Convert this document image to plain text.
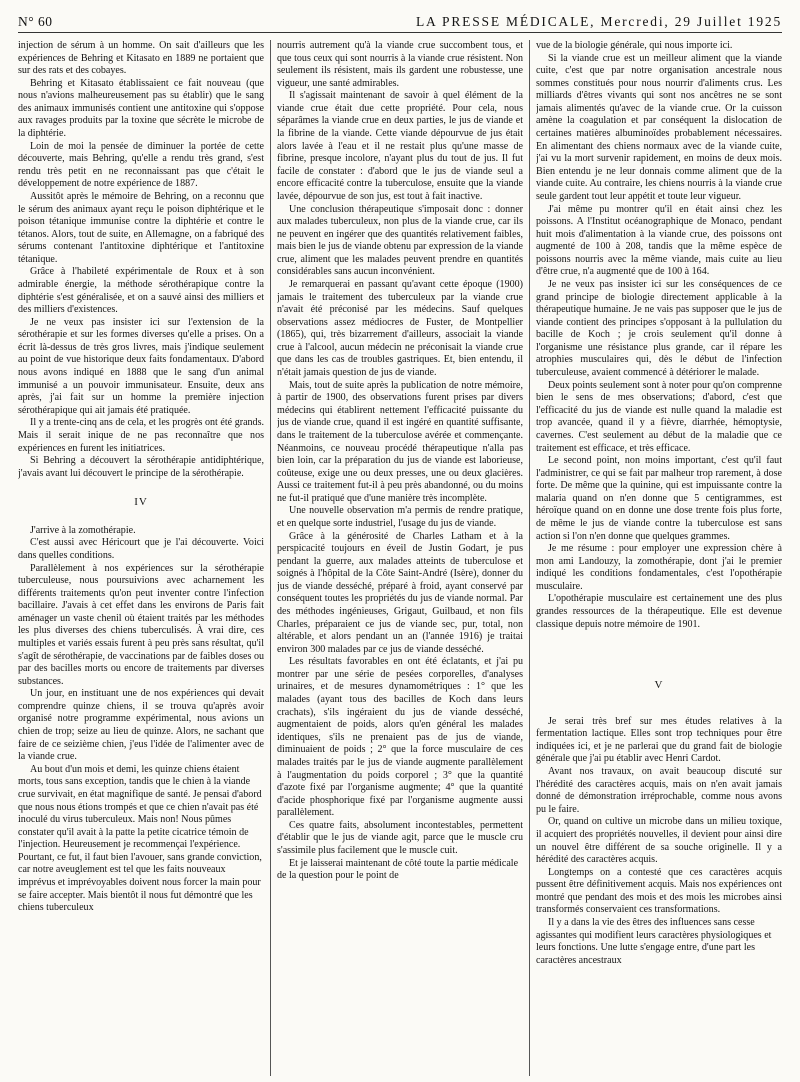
N° 60	LA PRESSE MÉDICALE, Mercredi, 29 Juillet 1925

injection de sérum à un homme. On sait d'ailleurs que les expériences de Behring et Kitasato en 1889 ne portaient que sur des rats et des cobayes.

Behring et Kitasato établissaient ce fait nouveau (que nous n'avions malheureusement pas su établir) que le sang des animaux immunisés contient une antitoxine qui s'oppose aux ravages produits par la toxine que sécrète le microbe de la diphtérie.

Loin de moi la pensée de diminuer la portée de cette découverte, mais Behring, qu'elle a rendu très grand, s'est rendu très petit en ne reconnaissant pas que c'était le développement de notre expérience de 1887.

Aussitôt après le mémoire de Behring, on a reconnu que le sérum des animaux ayant reçu le poison diphtérique et le poison tétanique immunise contre la diphtérie et contre le tétanos. Alors, tout de suite, en Allemagne, on a fabriqué des sérums contenant l'antitoxine diphtérique et l'antitoxine tétanique.

Grâce à l'habileté expérimentale de Roux et à son admirable énergie, la méthode sérothérapique contre la diphtérie s'est généralisée, et on a sauvé ainsi des milliers et des milliers d'existences.

Je ne veux pas insister ici sur l'extension de la sérothérapie et sur les formes diverses qu'elle a prises. On a écrit là-dessus de très gros livres, mais j'indique seulement au point de vue historique deux faits fondamentaux. D'abord nous avons indiqué en 1888 que le sang d'un animal immunisé a un pouvoir immunisateur. Ensuite, deux ans après, j'ai fait sur un homme la première injection sérothérapique qui ait jamais été pratiquée.

Il y a trente-cinq ans de cela, et les progrès ont été grands. Mais il serait inique de ne pas reconnaître que nos expériences en furent les initiatrices.

Si Behring a découvert la sérothérapie antidiphtérique, j'avais avant lui découvert le principe de la sérothérapie.

IV

J'arrive à la zomothérapie.

C'est aussi avec Héricourt que je l'ai découverte. Voici dans quelles conditions.

Parallèlement à nos expériences sur la sérothérapie tuberculeuse, nous poursuivions avec acharnement les différents traitements qu'on peut inventer contre l'infection bacillaire. J'avais à cet effet dans les environs de Paris fait aménager un vaste chenil où étaient traités par les méthodes les plus diverses des chiens tuberculisés. À vrai dire, ces multiples et variés essais furent à peu près sans résultat, qu'il s'agît de sérothérapie, de vaccinations par de faibles doses ou par des bacilles morts ou encore de traitements par diverses substances.

Un jour, en instituant une de nos expériences qui devait comprendre quinze chiens, il se trouva qu'après avoir organisé notre programme expérimental, nous avions un chien de trop; seize au lieu de quinze. Alors, ne sachant que faire de ce seizième chien, j'eus l'idée de l'alimenter avec de la viande crue.

Au bout d'un mois et demi, les quinze chiens étaient morts, tous sans exception, tandis que le chien à la viande crue survivait, en état magnifique de santé. Je pensai d'abord que nous nous étions trompés et que ce chien n'avait pas été inoculé du virus tuberculeux. Mais non! Nous pûmes constater qu'il avait à la patte la petite cicatrice témoin de l'injection. Heureusement je recommençai l'expérience. Pourtant, ce fut, il faut bien l'avouer, sans grande conviction, car notre aveuglement est tel que les faits nouveaux imprévus et imprévoyables doivent nous forcer la main pour se faire accepter. Mais bientôt il nous fut démontré que les chiens tuberculeux

nourris autrement qu'à la viande crue succombent tous, et que tous ceux qui sont nourris à la viande crue résistent. Non seulement ils résistent, mais ils gardent une robustesse, une vigueur, une santé admirables.

Il s'agissait maintenant de savoir à quel élément de la viande crue était due cette propriété. Pour cela, nous séparâmes la viande crue en deux parties, le jus de viande et la fibrine de la viande. Cette viande dépourvue de jus était alors lavée à l'eau et il ne restait plus qu'une masse de fibrine, presque incolore, n'ayant plus du tout de jus. Il fut facile de constater : d'abord que le jus de viande seul a encore efficacité contre la tuberculose, ensuite que la viande lavée, dépourvue de son jus, est tout à fait inactive.

Une conclusion thérapeutique s'imposait donc : donner aux malades tuberculeux, non plus de la viande crue, car ils ne peuvent en ingérer que des quantités relativement faibles, mais bien le jus de viande obtenu par expression de la viande crue, aliment que les malades peuvent prendre en quantités considérables sans aucun inconvénient.

Je remarquerai en passant qu'avant cette époque (1900) jamais le traitement des tuberculeux par la viande crue n'avait été préconisé par les médecins. Sauf quelques observations assez médiocres de Fuster, de Montpellier (1865), qui, très bizarrement d'ailleurs, associait la viande crue à l'alcool, aucun médecin ne préconisait la viande crue que dans les cas de troubles gastriques. Et, bien entendu, il n'était jamais question de jus de viande.

Mais, tout de suite après la publication de notre mémoire, à partir de 1900, des observations furent prises par divers médecins qui établirent nettement l'efficacité puissante du jus de viande crue, quand il est ingéré en quantité suffisante, dans le traitement de la tuberculose avérée et commençante. Néanmoins, ce nouveau procédé thérapeutique n'alla pas bien loin, car la préparation du jus de viande est laborieuse, coûteuse, exige une ou deux presses, une ou deux glacières. Aussi ce traitement fut-il à peu près abandonné, ou du moins ne fut-il pratiqué que d'une manière très incomplète.

Une nouvelle observation m'a permis de rendre pratique, et en quelque sorte industriel, l'usage du jus de viande.

Grâce à la générosité de Charles Latham et à la perspicacité toujours en éveil de Justin Godart, je pus pendant la guerre, aux malades atteints de tuberculose et soignés à l'hôpital de la Côte Saint-André (Isère), donner du jus de viande desséché, préparé à froid, ayant conservé par conséquent toutes les propriétés du jus de viande normal. Par des méthodes ingénieuses, Grigaut, Guilbaud, et non fils Charles, préparaient ce jus de viande sec, pur, total, non altérable, et alors pendant un an (l'année 1916) je traitai environ 300 malades par ce jus de viande desséché.

Les résultats favorables en ont été éclatants, et j'ai pu montrer par une série de pesées corporelles, d'analyses urinaires, et de mesures dynamométriques : 1° que les malades (ayant tous des bacilles de Koch dans leurs crachats), s'ils ingéraient du jus de viande desséché, augmentaient de poids, alors qu'en général les malades identiques, s'ils ne prenaient pas de jus de viande, diminuaient de poids ; 2° que la force musculaire de ces malades traités par le jus de viande augmente parallèlement à l'augmentation du poids corporel ; 3° que la quantité d'azote fixé par l'organisme augmente; 4° que la quantité d'acide phosphorique fixé par l'organisme augmente aussi parallèlement.

Ces quatre faits, absolument incontestables, permettent d'établir que le jus de viande agit, parce que le muscle cru s'assimile plus facilement que le muscle cuit.

Et je laisserai maintenant de côté toute la partie médicale de la question pour le point de

vue de la biologie générale, qui nous importe ici.

Si la viande crue est un meilleur aliment que la viande cuite, c'est que par notre organisation ancestrale nous sommes constitués pour nous nourrir d'aliments crus. Les milliards d'êtres vivants qui sont nos ancêtres ne se sont jamais alimentés qu'avec de la viande crue. Or la cuisson amène la coagulation et par conséquent la dislocation de certaines matières albuminoïdes probablement nécessaires. En alimentant des chiens normaux avec de la viande cuite, j'ai vu la mort survenir rapidement, en moins de deux mois. Bien entendu je ne leur donnais comme aliment que de la viande cuite. Au contraire, les chiens nourris à la viande crue seule gardent tout leur appétit et toute leur vigueur.

J'ai même pu montrer qu'il en était ainsi chez les poissons. A l'Institut océanographique de Monaco, pendant huit mois d'alimentation à la viande crue, des poissons ont augmenté de 100 à 208, tandis que la même espèce de poissons nourris avec la même viande, mais cuite au lieu d'être crue, n'a augmenté que de 100 à 164.

Je ne veux pas insister ici sur les conséquences de ce grand principe de biologie directement applicable à la thérapeutique humaine. Je ne vais pas supposer que le jus de viande contient des principes s'opposant à la pullulation du bacille de Koch ; je crois seulement qu'il donne à l'organisme une résistance plus grande, car il répare les atrophies musculaires qui, dès le début de l'infection tuberculeuse, avaient commencé à détériorer le malade.

Deux points seulement sont à noter pour qu'on comprenne bien le sens de mes observations; d'abord, c'est que l'efficacité du jus de viande est nulle quand la maladie est trop avancée, quand il y a fièvre, diarrhée, hémoptysie, cavernes. C'est seulement au début de la maladie que ce traitement est efficace, et très efficace.

Le second point, non moins important, c'est qu'il faut l'administrer, ce qui se fait par malheur trop rarement, à dose forte. De même que la quinine, qui est impuissante contre la malaria quand on n'en donne que 5 centigrammes, est héroïque quand on en donne une dose trente fois plus forte, de même le jus de viande contre la tuberculose est sans action si l'on n'en donne que quelques grammes.

Je me résume : pour employer une expression chère à mon ami Landouzy, la zomothérapie, dont j'ai le premier indiqué les conditions fondamentales, c'est l'opothérapie musculaire.

L'opothérapie musculaire est certainement une des plus grandes ressources de la thérapeutique. Elle est devenue classique depuis notre mémoire de 1901.

V

Je serai très bref sur mes études relatives à la fermentation lactique. Elles sont trop techniques pour être indiquées ici, et je ne parlerai que du grand fait de biologie générale que j'ai pu établir avec Henri Cardot.

Avant nos travaux, on avait beaucoup discuté sur l'hérédité des caractères acquis, mais on n'en avait jamais donné de démonstration irréprochable, comme nous avons pu le faire.

Or, quand on cultive un microbe dans un milieu toxique, il acquiert des propriétés nouvelles, il devient pour ainsi dire un nouvel être différent de sa souche originelle. Il y a hérédité des caractères acquis.

Longtemps on a contesté que ces caractères acquis pussent être définitivement acquis. Mais nos expériences ont montré que pendant des mois et des mois les microbes ainsi transformés conservaient ces transformations.

Il y a dans la vie des êtres des influences sans cesse agissantes qui modifient leurs caractères physiologiques et leurs fonctions. Une lutte s'engage entre, d'une part les caractères ancestraux
